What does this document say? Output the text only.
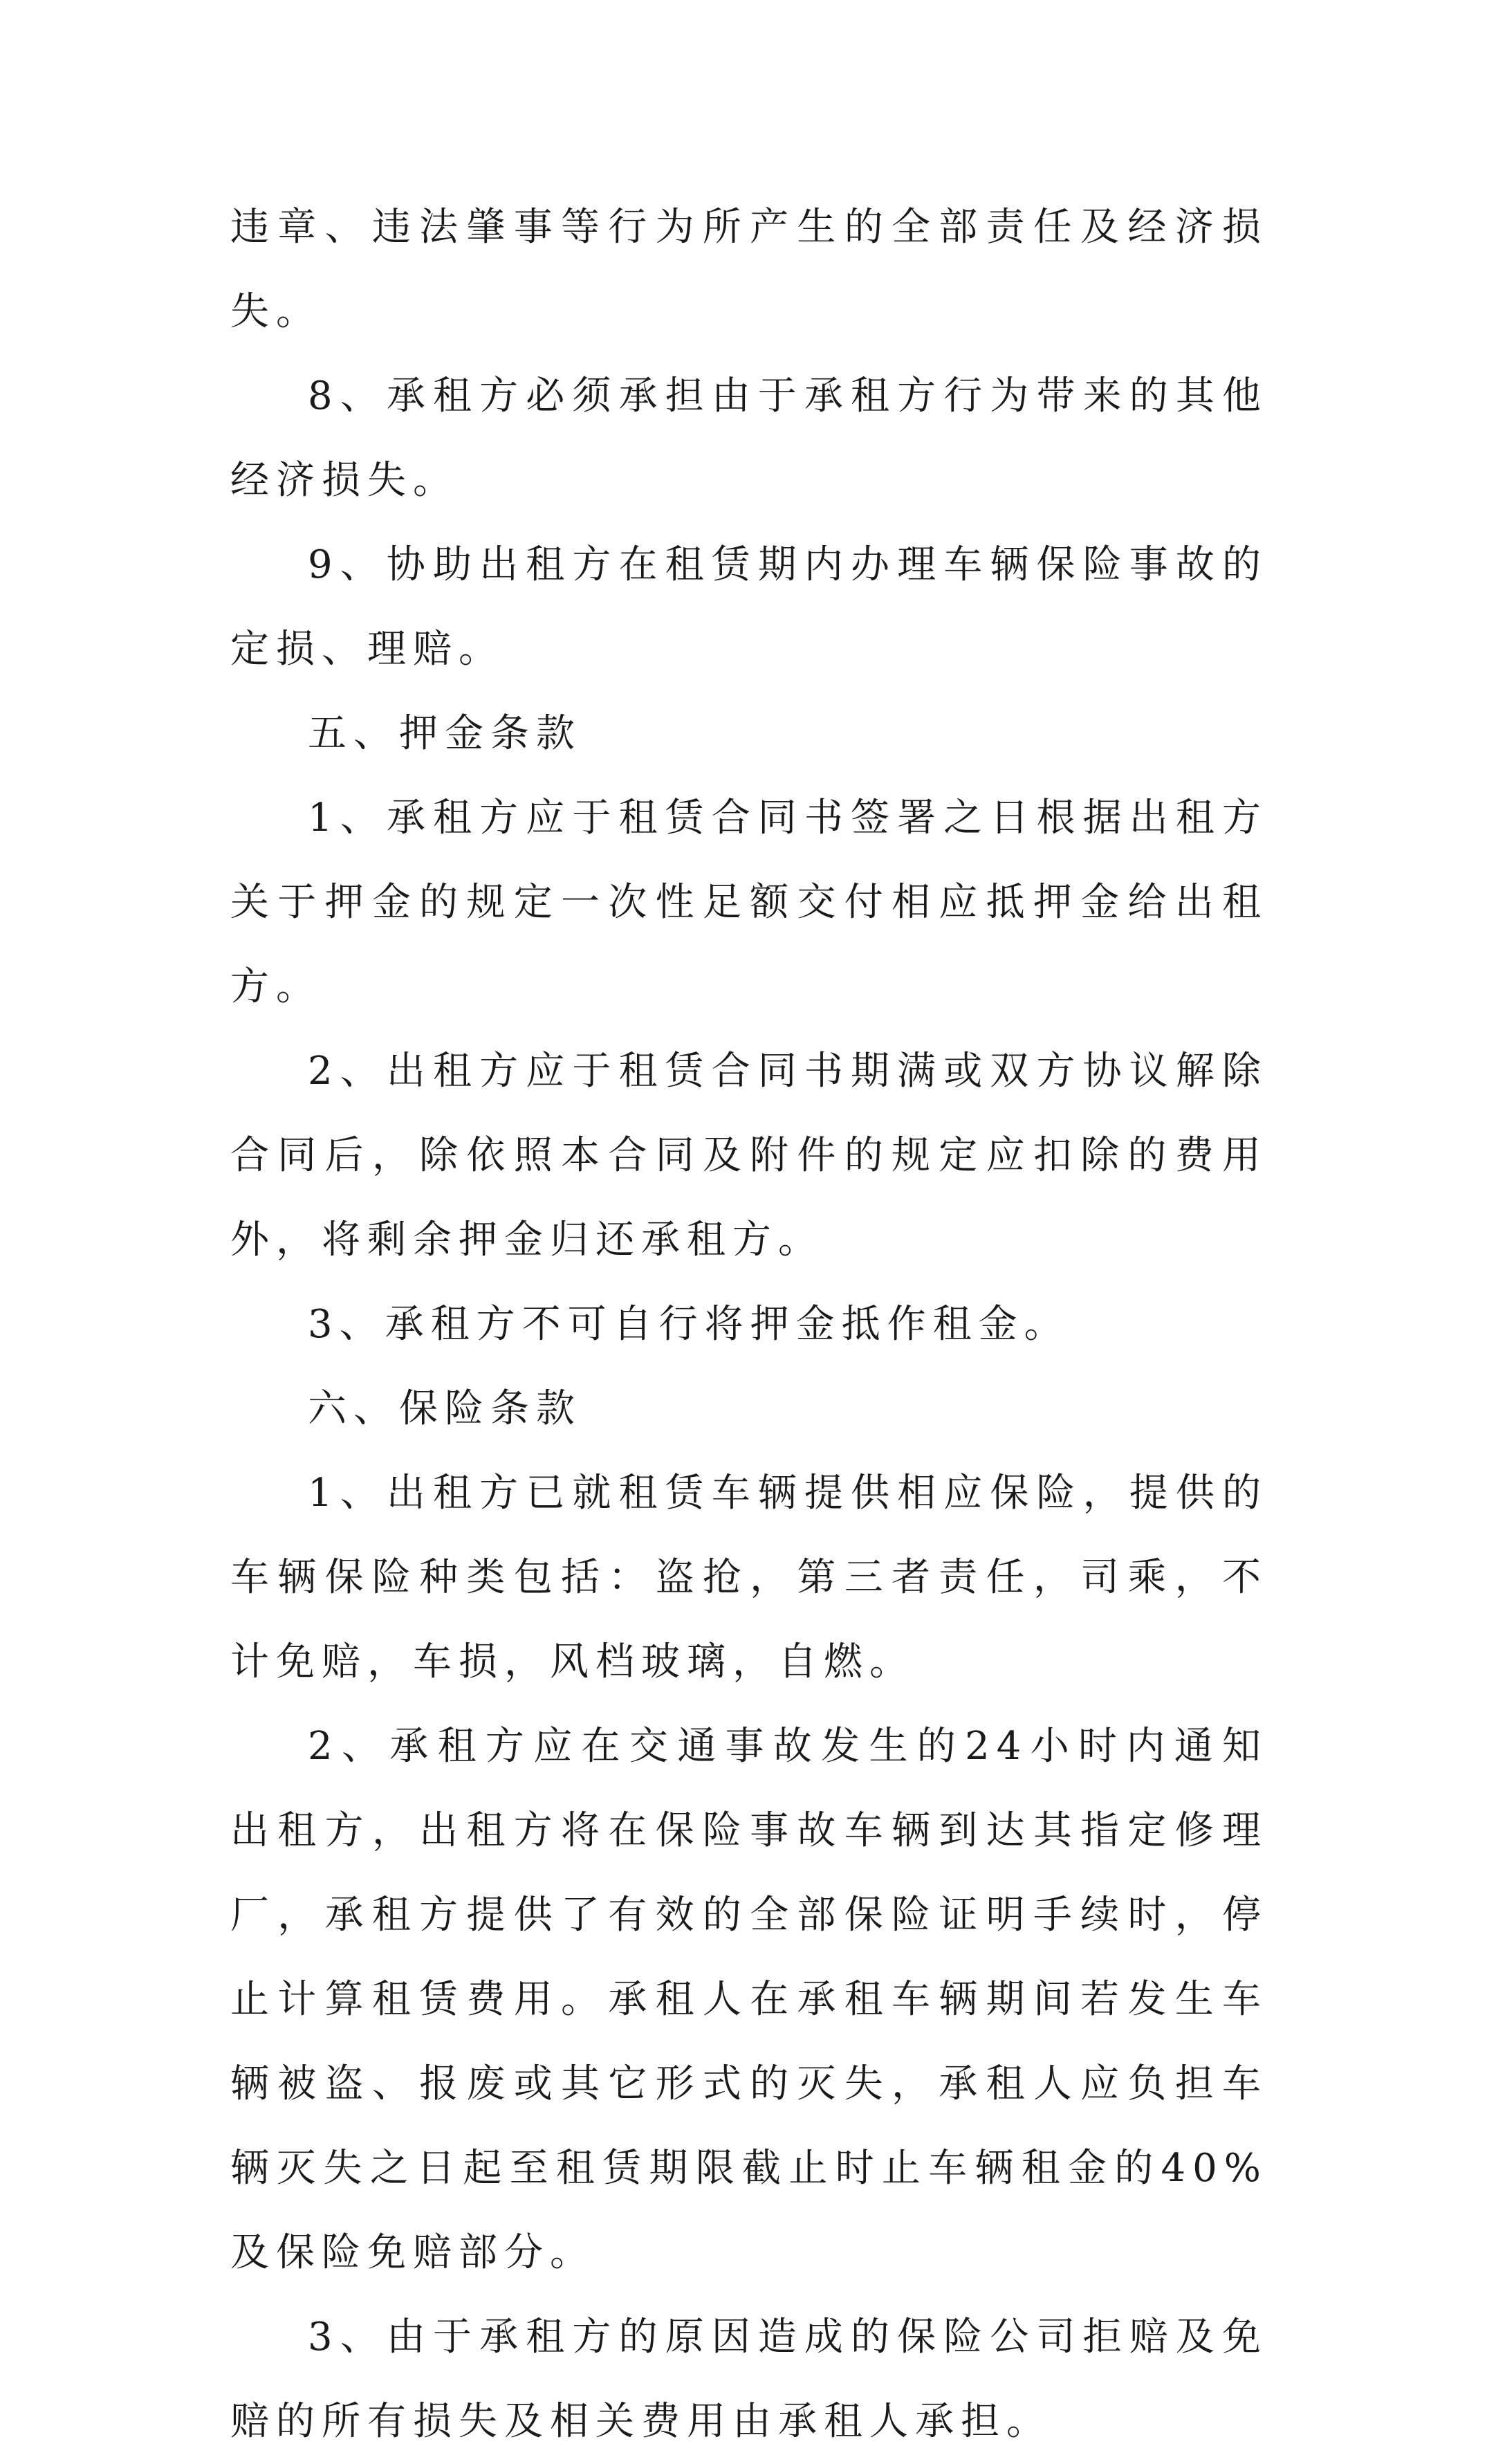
违章、违法肇事等行为所产生的全部责任及经济损失。

8、承租方必须承担由于承租方行为带来的其他经济损失。

9、协助出租方在租赁期内办理车辆保险事故的定损、理赔。

五、押金条款

1、承租方应于租赁合同书签署之日根据出租方关于押金的规定一次性足额交付相应抵押金给出租方。

2、出租方应于租赁合同书期满或双方协议解除合同后，除依照本合同及附件的规定应扣除的费用外，将剩余押金归还承租方。

3、承租方不可自行将押金抵作租金。

六、保险条款

1、出租方已就租赁车辆提供相应保险，提供的车辆保险种类包括：盗抢，第三者责任，司乘，不计免赔，车损，风档玻璃，自燃。

2、承租方应在交通事故发生的24小时内通知出租方，出租方将在保险事故车辆到达其指定修理厂，承租方提供了有效的全部保险证明手续时，停止计算租赁费用。承租人在承租车辆期间若发生车辆被盗、报废或其它形式的灭失，承租人应负担车辆灭失之日起至租赁期限截止时止车辆租金的40%及保险免赔部分。

3、由于承租方的原因造成的保险公司拒赔及免赔的所有损失及相关费用由承租人承担。
